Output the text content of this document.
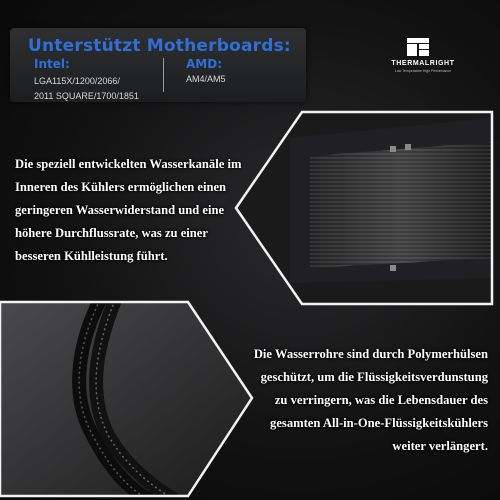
Unterstützt Motherboards:
Intel:
LGA115X/1200/2066/
2011 SQUARE/1700/1851
AMD:
AM4/AM5
THERMALRIGHT
Low Temperature High Performance
Die speziell entwickelten Wasserkanäle im
Inneren des Kühlers ermöglichen einen
geringeren Wasserwiderstand und eine
höhere Durchflussrate, was zu einer
besseren Kühlleistung führt.
Die Wasserrohre sind durch Polymerhülsen
geschützt, um die Flüssigkeitsverdunstung
zu verringern, was die Lebensdauer des
gesamten All-in-One-Flüssigkeitskühlers
weiter verlängert.
